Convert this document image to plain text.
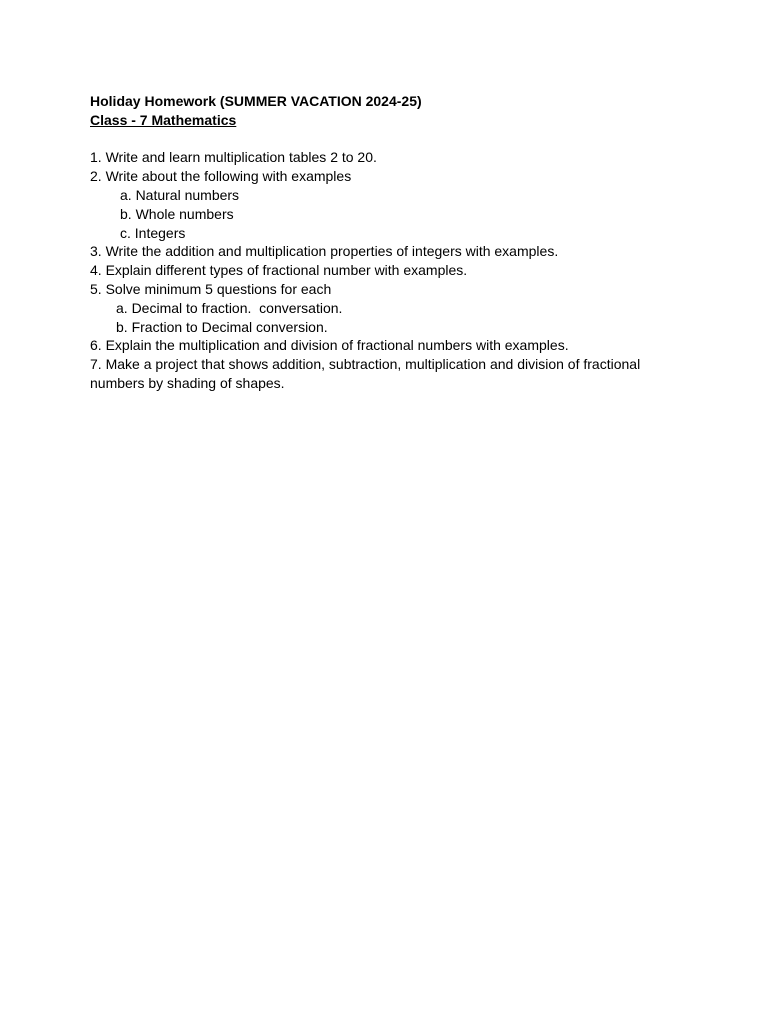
Holiday Homework (SUMMER VACATION 2024-25)

Class - 7 Mathematics

1. Write and learn multiplication tables 2 to 20.

2. Write about the following with examples

a. Natural numbers

b. Whole numbers

c. Integers

3. Write the addition and multiplication properties of integers with examples.

4. Explain different types of fractional number with examples.

5. Solve minimum 5 questions for each

a. Decimal to fraction.  conversation.

b. Fraction to Decimal conversion.

6. Explain the multiplication and division of fractional numbers with examples.

7. Make a project that shows addition, subtraction, multiplication and division of fractional numbers by shading of shapes.
